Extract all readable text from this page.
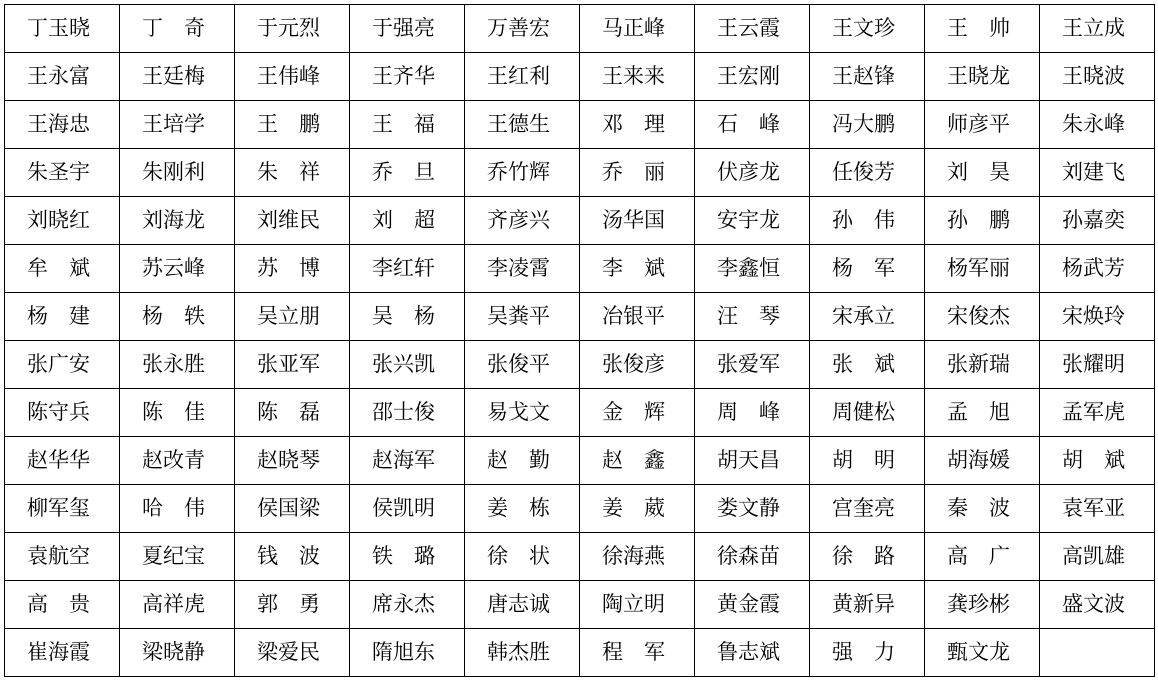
丁玉晓	丁　奇	于元烈	于强亮	万善宏	马正峰	王云霞	王文珍	王　帅	王立成
王永富	王廷梅	王伟峰	王齐华	王红利	王来来	王宏刚	王赵锋	王晓龙	王晓波
王海忠	王培学	王　鹏	王　福	王德生	邓　理	石　峰	冯大鹏	师彦平	朱永峰
朱圣宇	朱刚利	朱　祥	乔　旦	乔竹辉	乔　丽	伏彦龙	任俊芳	刘　昊	刘建飞
刘晓红	刘海龙	刘维民	刘　超	齐彦兴	汤华国	安宇龙	孙　伟	孙　鹏	孙嘉奕
牟　斌	苏云峰	苏　博	李红轩	李凌霄	李　斌	李鑫恒	杨　军	杨军丽	杨武芳
杨　建	杨　轶	吴立朋	吴　杨	吴粪平	冶银平	汪　琴	宋承立	宋俊杰	宋焕玲
张广安	张永胜	张亚军	张兴凯	张俊平	张俊彦	张爱军	张　斌	张新瑞	张耀明
陈守兵	陈　佳	陈　磊	邵士俊	易戈文	金　辉	周　峰	周健松	孟　旭	孟军虎
赵华华	赵改青	赵晓琴	赵海军	赵　勤	赵　鑫	胡天昌	胡　明	胡海媛	胡　斌
柳军玺	哈　伟	侯国梁	侯凯明	姜　栋	姜　葳	娄文静	宫奎亮	秦　波	袁军亚
袁航空	夏纪宝	钱　波	铁　璐	徐　状	徐海燕	徐森苗	徐　路	高　广	高凯雄
高　贵	高祥虎	郭　勇	席永杰	唐志诚	陶立明	黄金霞	黄新异	龚珍彬	盛文波
崔海霞	梁晓静	梁爱民	隋旭东	韩杰胜	程　军	鲁志斌	强　力	甄文龙	
